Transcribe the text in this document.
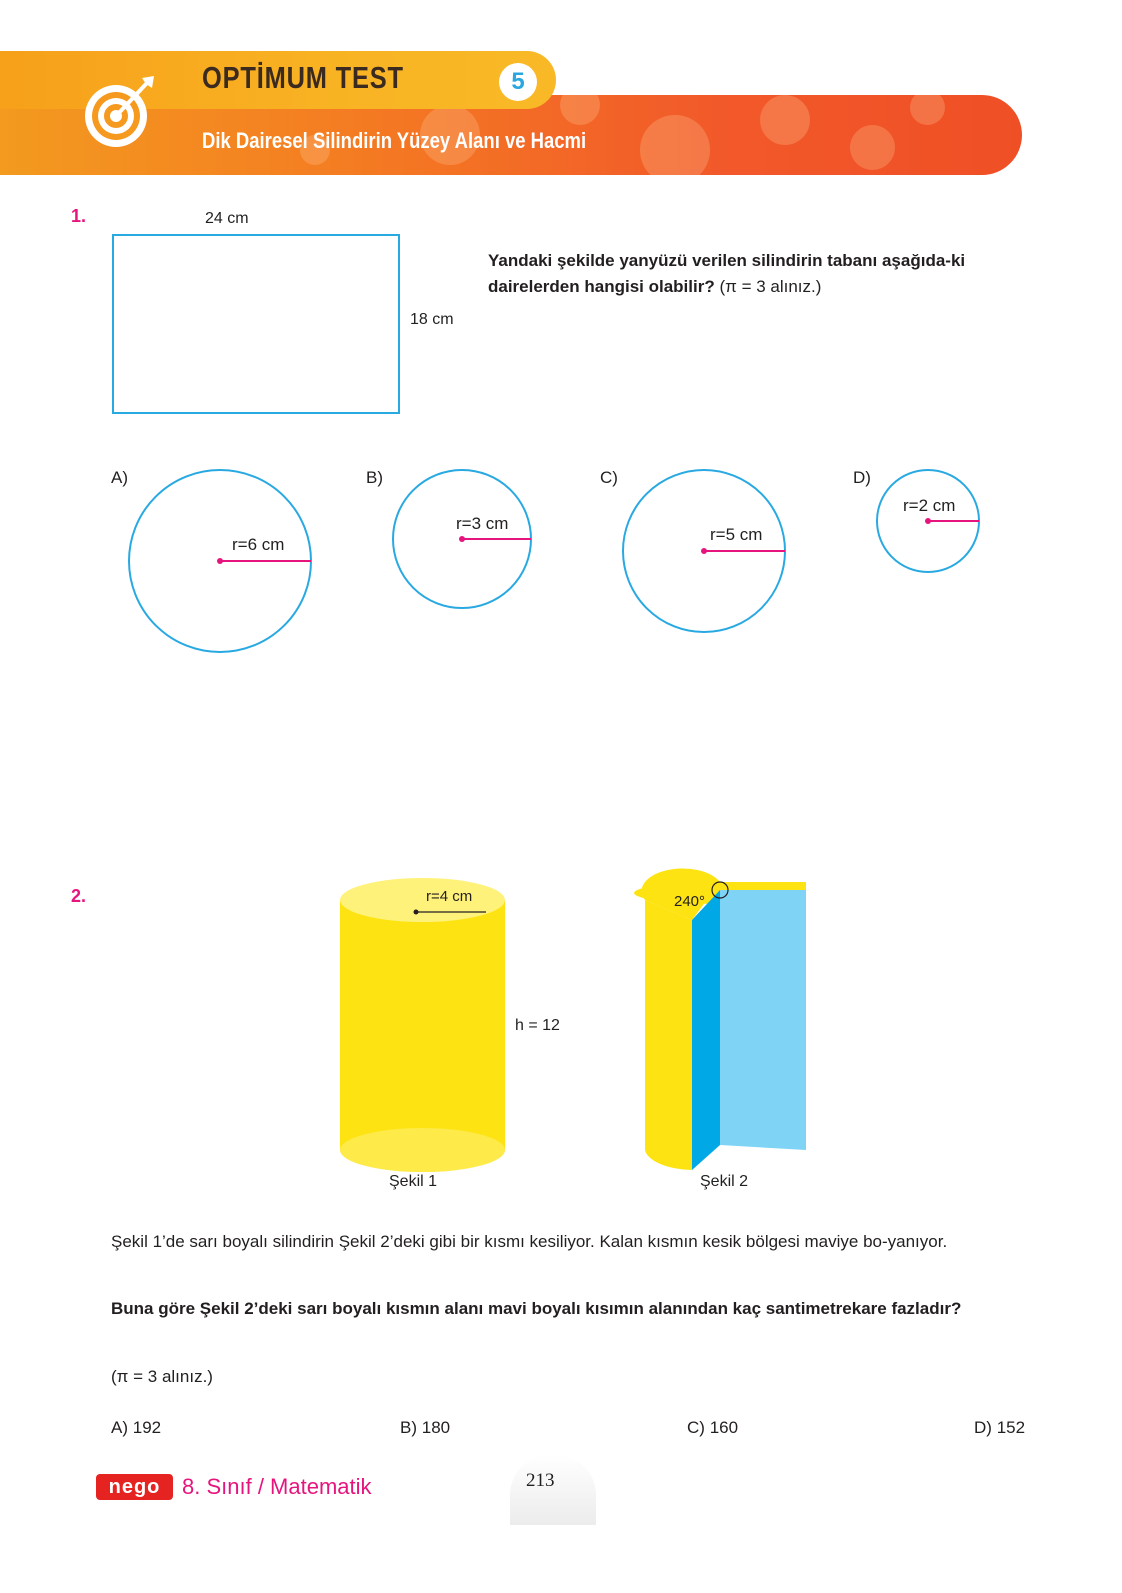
OPTİMUM TEST	5
Dik Dairesel Silindirin Yüzey Alanı ve Hacmi
1.	24 cm
18 cm
Yandaki şekilde yanyüzü verilen silindirin tabanı aşağıda-ki dairelerden hangisi olabilir? (π = 3 alınız.)
A)	B)	C)	D)
r=6 cm
r=3 cm
r=5 cm
r=2 cm
2.	r=4 cm
h = 12
240°
Şekil 1	Şekil 2
Şekil 1’de sarı boyalı silindirin Şekil 2’deki gibi bir kısmı kesiliyor. Kalan kısmın kesik bölgesi maviye bo-yanıyor.
Buna göre Şekil 2’deki sarı boyalı kısmın alanı mavi boyalı kısımın alanından kaç santimetrekare fazladır?
(π = 3 alınız.)
A) 192	B) 180	C) 160	D) 152
nego 8. Sınıf / Matematik	213
